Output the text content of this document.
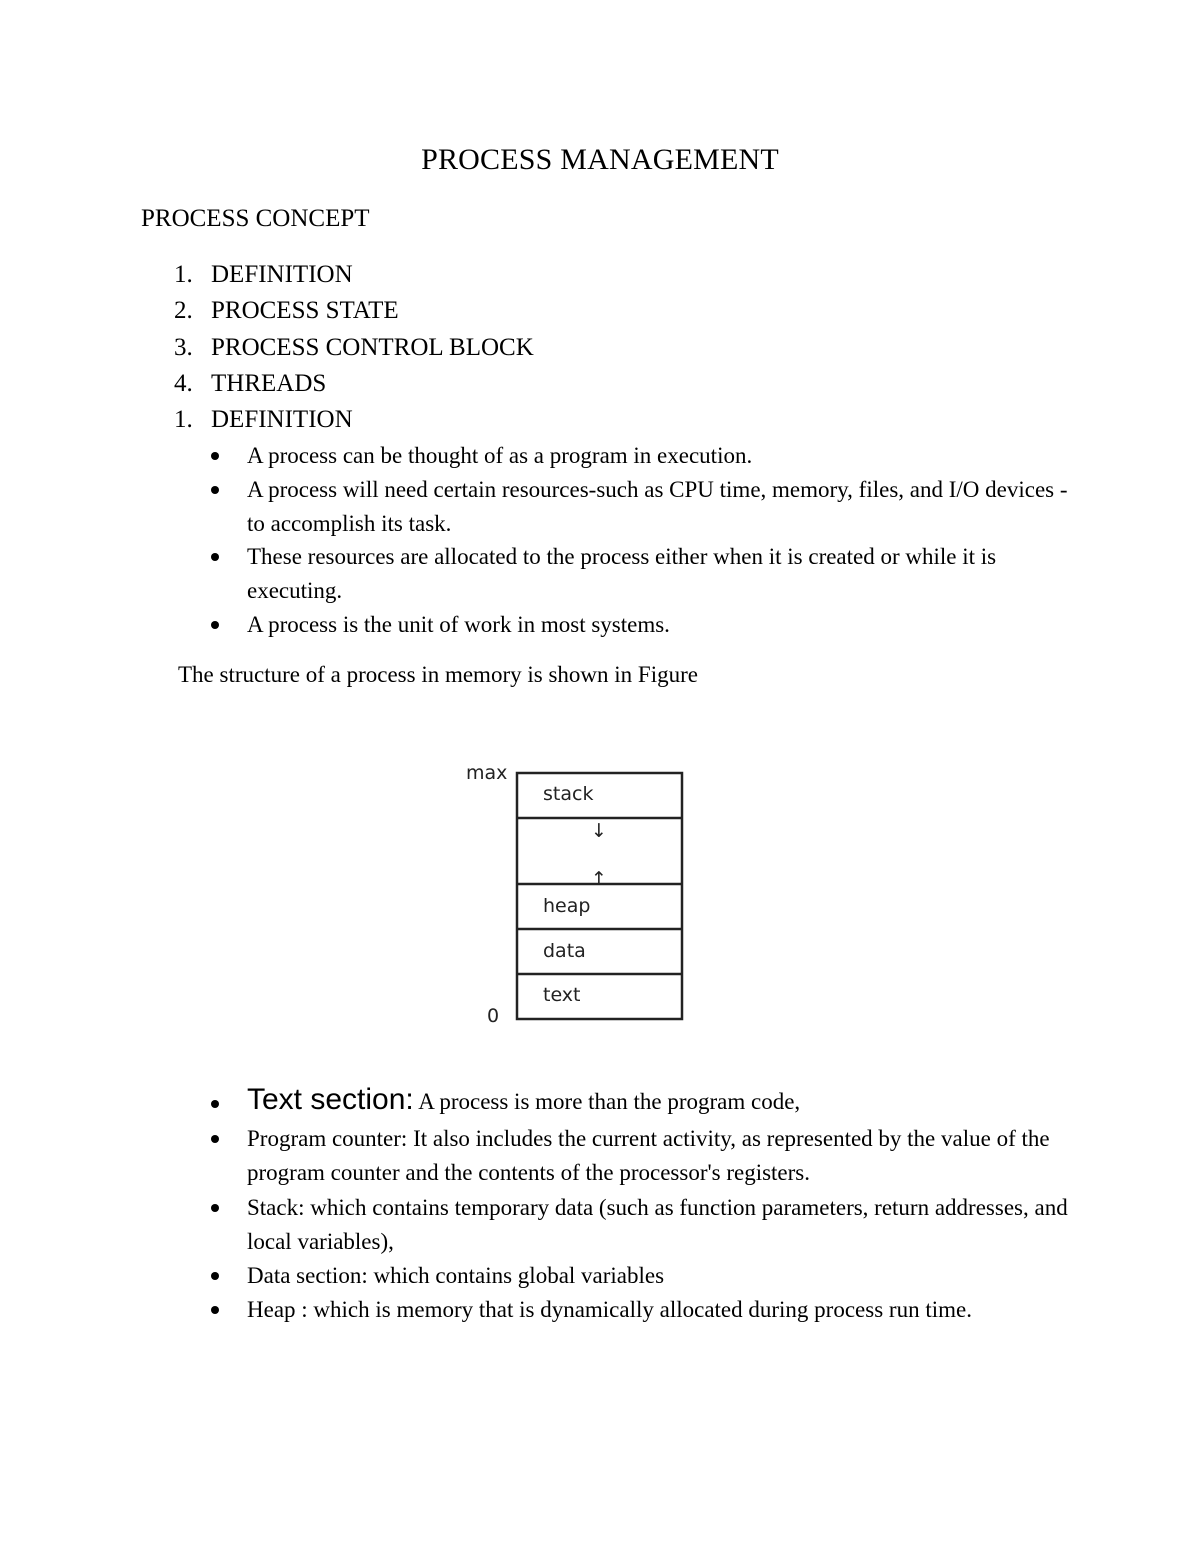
PROCESS MANAGEMENT
PROCESS CONCEPT
1. DEFINITION
2. PROCESS STATE
3. PROCESS CONTROL BLOCK
4. THREADS
1. DEFINITION
A process can be thought of as a program in execution.
A process will need certain resources-such as CPU time, memory, files, and I/O devices -to accomplish its task.
These resources are allocated to the process either when it is created or while it is executing.
A process is the unit of work in most systems.
The structure of a process in memory is shown in Figure
max
0
stack
↓
↑
heap
data
text
Text section: A process is more than the program code,
Program counter: It also includes the current activity, as represented by the value of the program counter and the contents of the processor's registers.
Stack: which contains temporary data (such as function parameters, return addresses, and local variables),
Data section: which contains global variables
Heap : which is memory that is dynamically allocated during process run time.
